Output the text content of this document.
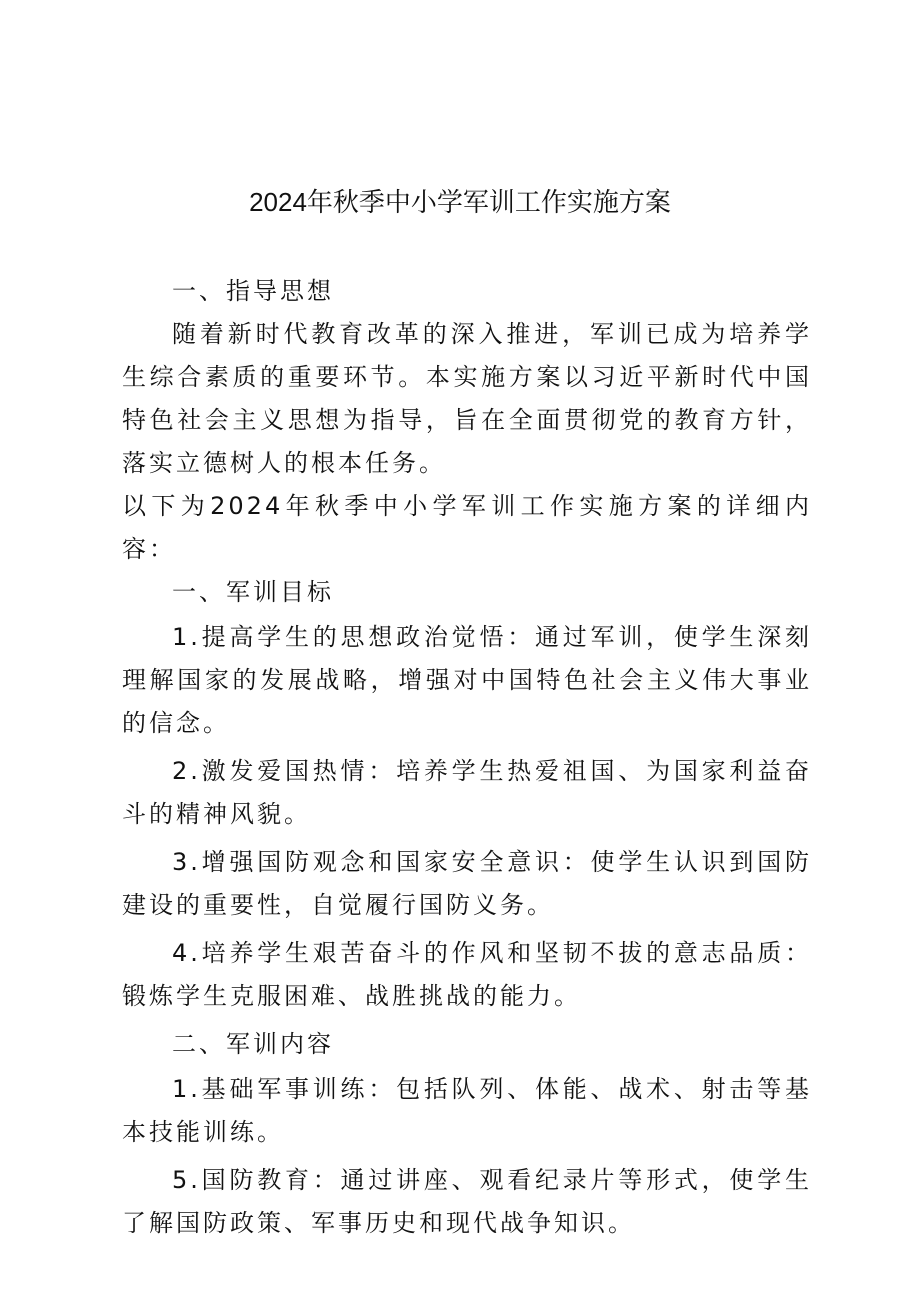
2024年秋季中小学军训工作实施方案

一、指导思想

随着新时代教育改革的深入推进，军训已成为培养学生综合素质的重要环节。本实施方案以习近平新时代中国特色社会主义思想为指导，旨在全面贯彻党的教育方针，落实立德树人的根本任务。

以下为2024年秋季中小学军训工作实施方案的详细内容：

一、军训目标

1.提高学生的思想政治觉悟：通过军训，使学生深刻理解国家的发展战略，增强对中国特色社会主义伟大事业的信念。

2.激发爱国热情：培养学生热爱祖国、为国家利益奋斗的精神风貌。

3.增强国防观念和国家安全意识：使学生认识到国防建设的重要性，自觉履行国防义务。

4.培养学生艰苦奋斗的作风和坚韧不拔的意志品质：锻炼学生克服困难、战胜挑战的能力。

二、军训内容

1.基础军事训练：包括队列、体能、战术、射击等基本技能训练。

5.国防教育：通过讲座、观看纪录片等形式，使学生了解国防政策、军事历史和现代战争知识。
